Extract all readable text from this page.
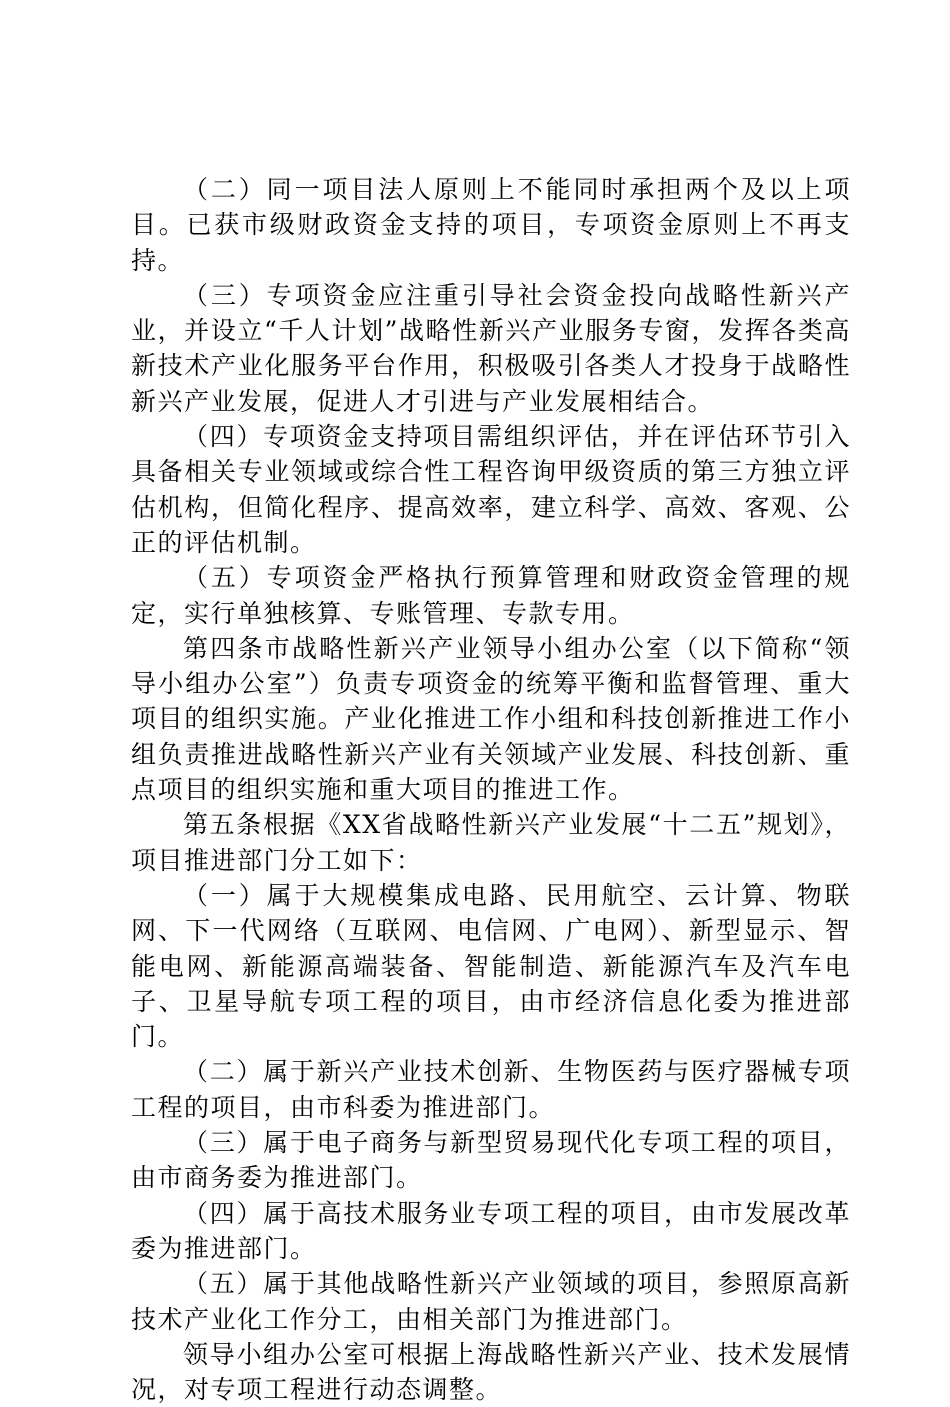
（二）同一项目法人原则上不能同时承担两个及以上项目。已获市级财政资金支持的项目，专项资金原则上不再支持。

（三）专项资金应注重引导社会资金投向战略性新兴产业，并设立“千人计划”战略性新兴产业服务专窗，发挥各类高新技术产业化服务平台作用，积极吸引各类人才投身于战略性新兴产业发展，促进人才引进与产业发展相结合。

（四）专项资金支持项目需组织评估，并在评估环节引入具备相关专业领域或综合性工程咨询甲级资质的第三方独立评估机构，但简化程序、提高效率，建立科学、高效、客观、公正的评估机制。

（五）专项资金严格执行预算管理和财政资金管理的规定，实行单独核算、专账管理、专款专用。

第四条市战略性新兴产业领导小组办公室（以下简称“领导小组办公室”）负责专项资金的统筹平衡和监督管理、重大项目的组织实施。产业化推进工作小组和科技创新推进工作小组负责推进战略性新兴产业有关领域产业发展、科技创新、重点项目的组织实施和重大项目的推进工作。

第五条根据《XX省战略性新兴产业发展“十二五”规划》，项目推进部门分工如下：

（一）属于大规模集成电路、民用航空、云计算、物联网、下一代网络（互联网、电信网、广电网）、新型显示、智能电网、新能源高端装备、智能制造、新能源汽车及汽车电子、卫星导航专项工程的项目，由市经济信息化委为推进部门。

（二）属于新兴产业技术创新、生物医药与医疗器械专项工程的项目，由市科委为推进部门。

（三）属于电子商务与新型贸易现代化专项工程的项目，由市商务委为推进部门。

（四）属于高技术服务业专项工程的项目，由市发展改革委为推进部门。

（五）属于其他战略性新兴产业领域的项目，参照原高新技术产业化工作分工，由相关部门为推进部门。

领导小组办公室可根据上海战略性新兴产业、技术发展情况，对专项工程进行动态调整。
